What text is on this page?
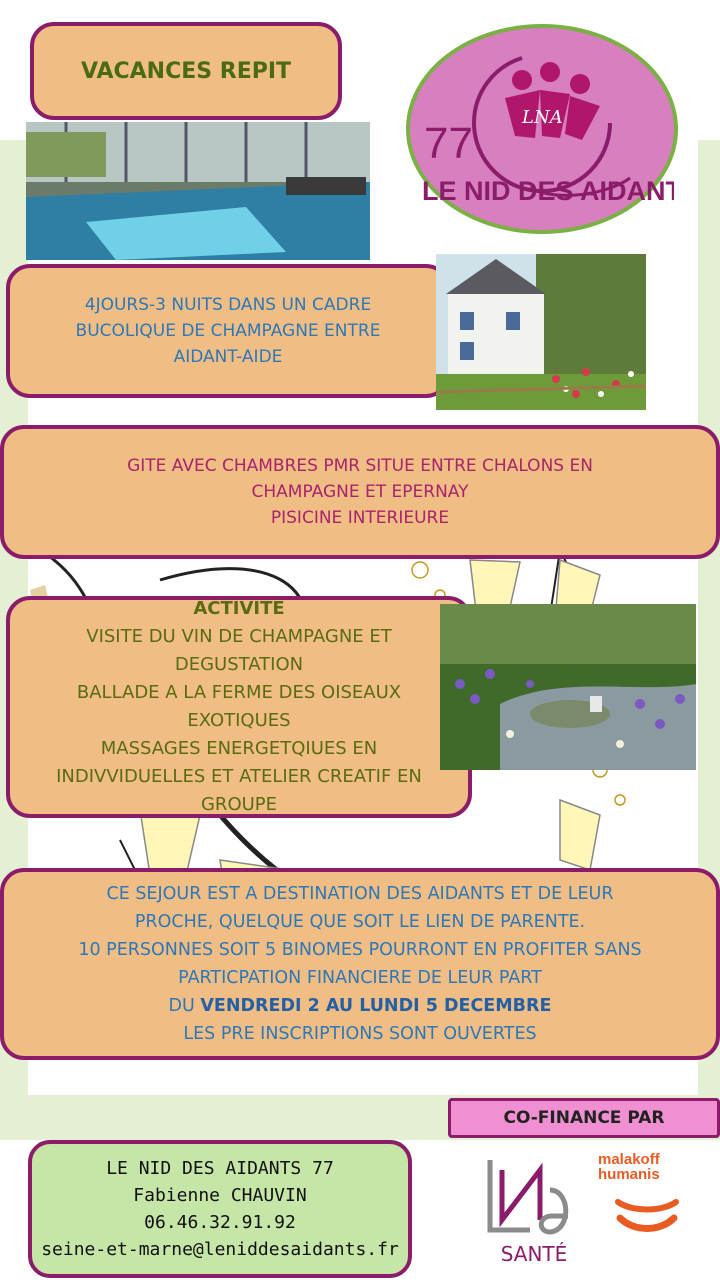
VACANCES REPIT
LNA
77
LE NID DES AIDANTS
4JOURS-3 NUITS DANS UN CADRE
BUCOLIQUE DE CHAMPAGNE ENTRE
AIDANT-AIDE
GITE AVEC CHAMBRES PMR SITUE ENTRE CHALONS EN
CHAMPAGNE ET EPERNAY
PISICINE INTERIEURE
ACTIVITE
VISITE DU VIN DE CHAMPAGNE ET
DEGUSTATION
BALLADE A LA FERME DES OISEAUX
EXOTIQUES
MASSAGES ENERGETQIUES EN
INDIVVIDUELLES ET ATELIER CREATIF EN
GROUPE
CE SEJOUR EST A DESTINATION DES AIDANTS ET DE LEUR
PROCHE, QUELQUE QUE SOIT LE LIEN DE PARENTE.
10 PERSONNES SOIT 5 BINOMES POURRONT EN PROFITER SANS
PARTICPATION FINANCIERE DE LEUR PART
DU VENDREDI 2 AU LUNDI 5 DECEMBRE
LES PRE INSCRIPTIONS SONT OUVERTES
CO-FINANCE PAR
LE NID DES AIDANTS 77
Fabienne CHAUVIN
06.46.32.91.92
seine-et-marne@leniddesaidants.fr	SANTÉ
malakoff
humanis
